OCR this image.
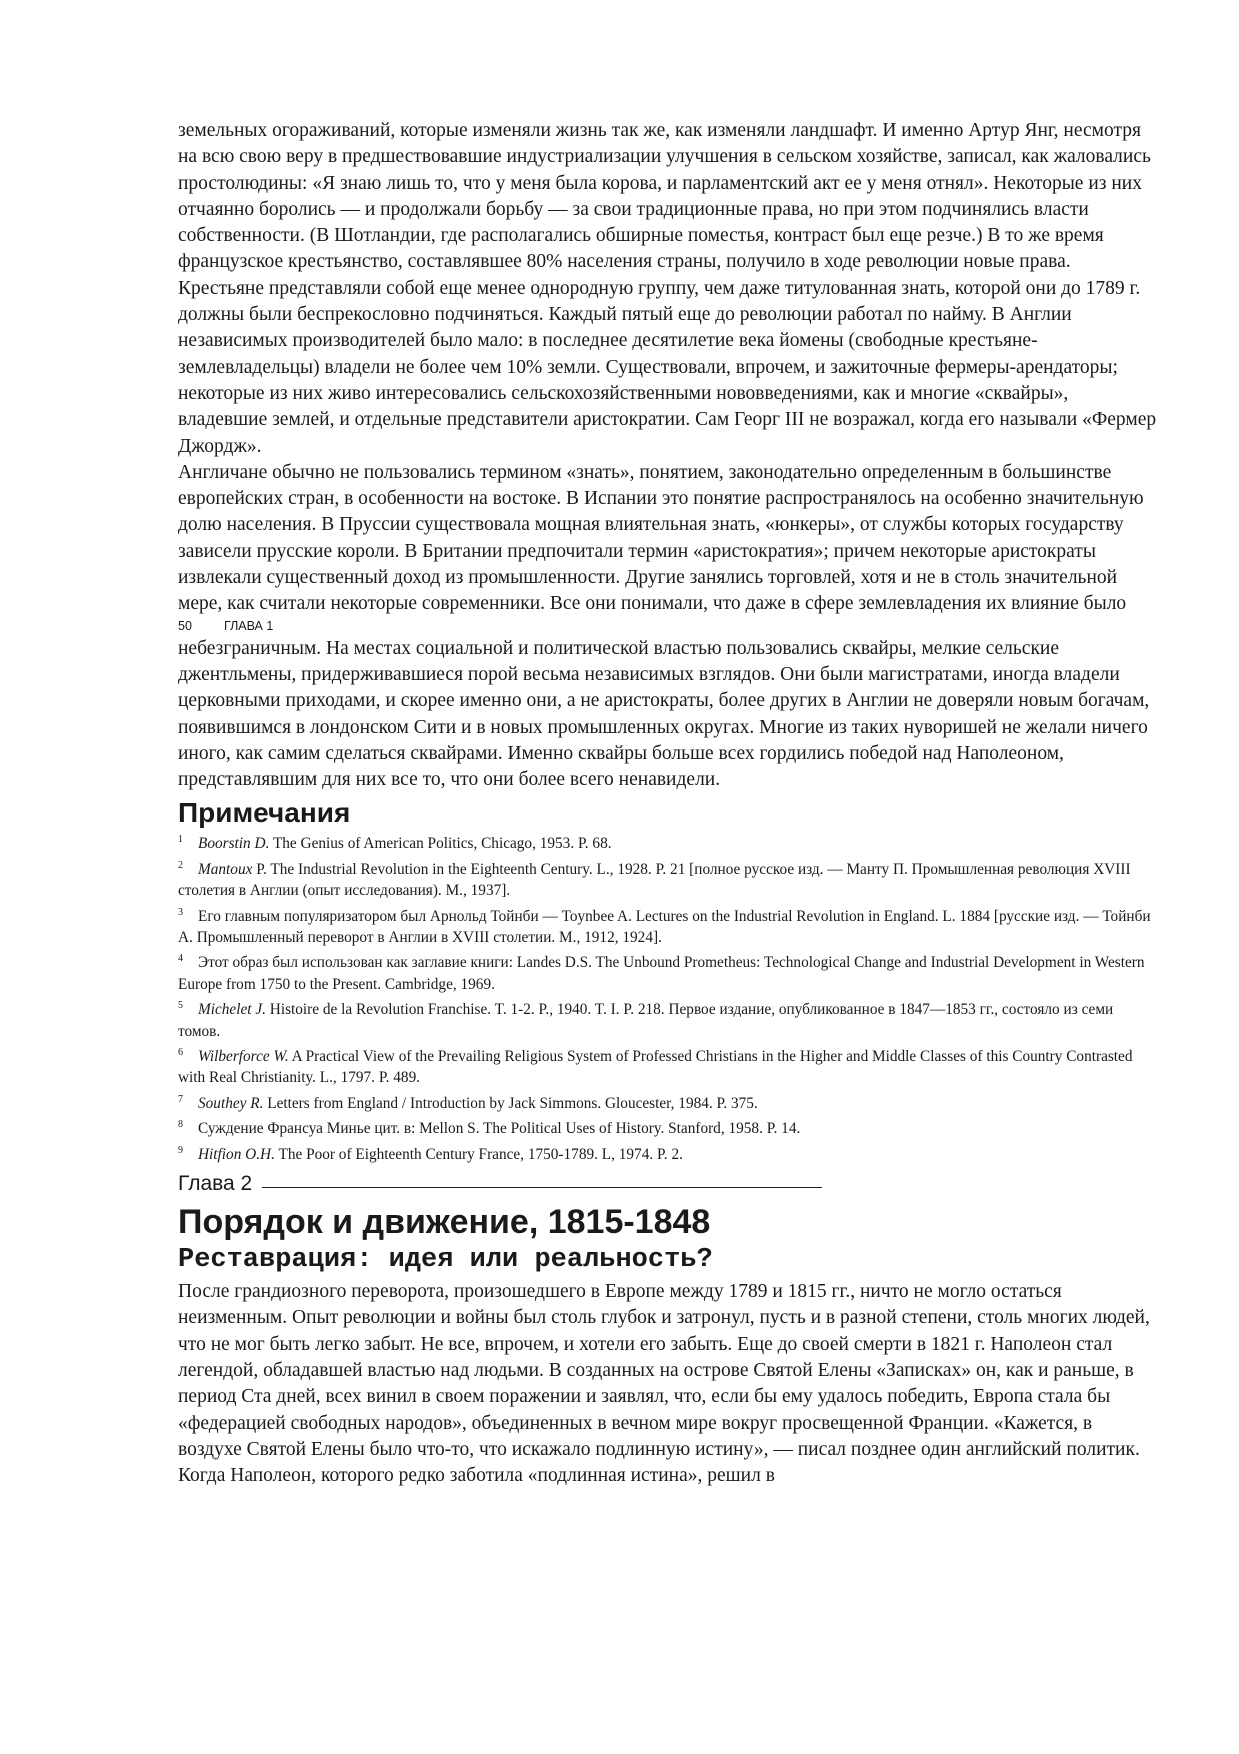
земельных огораживаний, которые изменяли жизнь так же, как изменяли ландшафт. И именно Артур Янг, несмотря на всю свою веру в предшествовавшие индустриализации улучшения в сельском хозяйстве, записал, как жаловались простолюдины: «Я знаю лишь то, что у меня была корова, и парламентский акт ее у меня отнял». Некоторые из них отчаянно боролись — и продолжали борьбу — за свои традиционные права, но при этом подчинялись власти собственности. (В Шотландии, где располагались обширные поместья, контраст был еще резче.) В то же время французское крестьянство, составлявшее 80% населения страны, получило в ходе революции новые права. Крестьяне представляли собой еще менее однородную группу, чем даже титулованная знать, которой они до 1789 г. должны были беспрекословно подчиняться. Каждый пятый еще до революции работал по найму. В Англии независимых производителей было мало: в последнее десятилетие века йомены (свободные крестьяне-землевладельцы) владели не более чем 10% земли. Существовали, впрочем, и зажиточные фермеры-арендаторы; некоторые из них живо интересовались сельскохозяйственными нововведениями, как и многие «сквайры», владевшие землей, и отдельные представители аристократии. Сам Георг III не возражал, когда его называли «Фермер Джордж».

Англичане обычно не пользовались термином «знать», понятием, законодательно определенным в большинстве европейских стран, в особенности на востоке. В Испании это понятие распространялось на особенно значительную долю населения. В Пруссии существовала мощная влиятельная знать, «юнкеры», от службы которых государству зависели прусские короли. В Британии предпочитали термин «аристократия»; причем некоторые аристократы извлекали существенный доход из промышленности. Другие занялись торговлей, хотя и не в столь значительной мере, как считали некоторые современники. Все они понимали, что даже в сфере землевладения их влияние было

50	ГЛАВА 1

небезграничным. На местах социальной и политической властью пользовались сквайры, мелкие сельские джентльмены, придерживавшиеся порой весьма независимых взглядов. Они были магистратами, иногда владели церковными приходами, и скорее именно они, а не аристократы, более других в Англии не доверяли новым богачам, появившимся в лондонском Сити и в новых промышленных округах. Многие из таких нуворишей не желали ничего иного, как самим сделаться сквайрами. Именно сквайры больше всех гордились победой над Наполеоном, представлявшим для них все то, что они более всего ненавидели.

Примечания

$^1$ Boorstin D. The Genius of American Politics, Chicago, 1953. P. 68.

$^2$ Mantoux P. The Industrial Revolution in the Eighteenth Century. L., 1928. P. 21 [полное русское изд. — Манту П. Промышленная революция XVIII столетия в Англии (опыт исследования). М., 1937].

$^3$ Его главным популяризатором был Арнольд Тойнби — Toynbee A. Lectures on the Industrial Revolution in England. L. 1884 [русские изд. — Тойнби А. Промышленный переворот в Англии в XVIII столетии. М., 1912, 1924].

$^4$ Этот образ был использован как заглавие книги: Landes D.S. The Unbound Prometheus: Technological Change and Industrial Development in Western Europe from 1750 to the Present. Cambridge, 1969.

$^5$ Michelet J. Histoire de la Revolution Franchise. T. 1-2. P., 1940. T. I. P. 218. Первое издание, опубликованное в 1847—1853 гг., состояло из семи томов.

$^6$ Wilberforce W. A Practical View of the Prevailing Religious System of Professed Christians in the Higher and Middle Classes of this Country Contrasted with Real Christianity. L., 1797. P. 489.

$^7$ Southey R. Letters from England / Introduction by Jack Simmons. Gloucester, 1984. P. 375.

$^8$ Суждение Франсуа Минье цит. в: Mellon S. The Political Uses of History. Stanford, 1958. P. 14.

$^9$ Hitfion O.H. The Poor of Eighteenth Century France, 1750-1789. L, 1974. P. 2.

Глава 2
Порядок и движение, 1815-1848
Реставрация: идея или реальность?

После грандиозного переворота, произошедшего в Европе между 1789 и 1815 гг., ничто не могло остаться неизменным. Опыт революции и войны был столь глубок и затронул, пусть и в разной степени, столь многих людей, что не мог быть легко забыт. Не все, впрочем, и хотели его забыть. Еще до своей смерти в 1821 г. Наполеон стал легендой, обладавшей властью над людьми. В созданных на острове Святой Елены «Записках» он, как и раньше, в период Ста дней, всех винил в своем поражении и заявлял, что, если бы ему удалось победить, Европа стала бы «федерацией свободных народов», объединенных в вечном мире вокруг просвещенной Франции. «Кажется, в воздухе Святой Елены было что-то, что искажало подлинную истину», — писал позднее один английский политик. Когда Наполеон, которого редко заботила «подлинная истина», решил в
